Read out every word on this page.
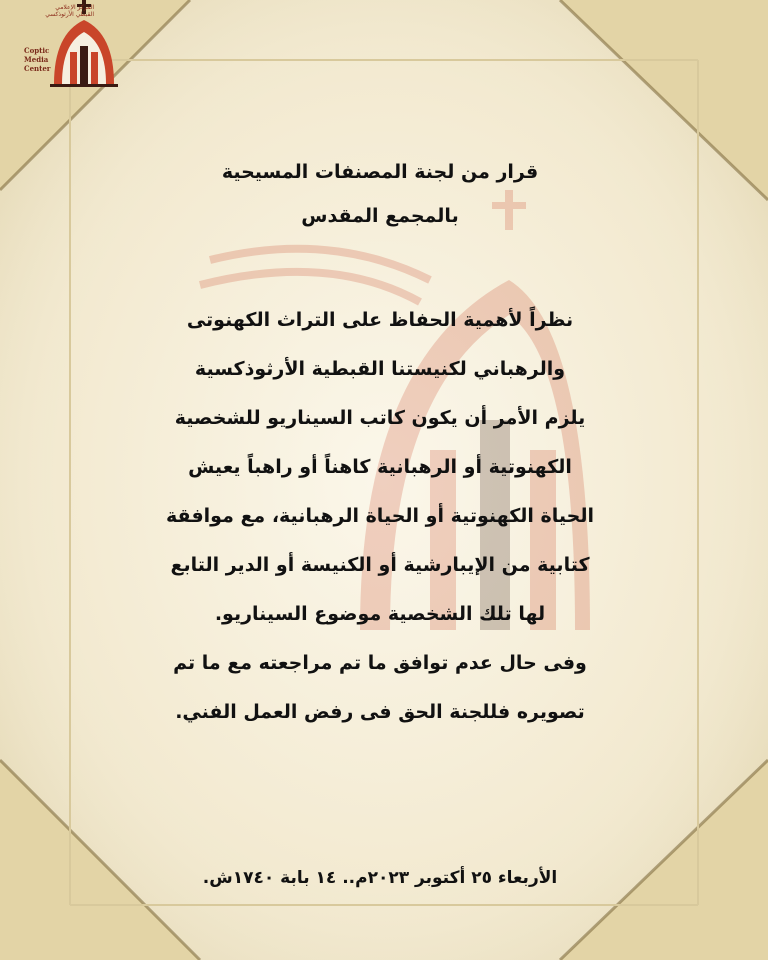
المركز الإعلامي
القبطي الأرثوذكسي
Coptic
Media
Center
قرار من لجنة المصنفات المسيحية
بالمجمع المقدس
نظراً لأهمية الحفاظ على التراث الكهنوتى
والرهباني لكنيستنا القبطية الأرثوذكسية
يلزم الأمر أن يكون كاتب السيناريو للشخصية
الكهنوتية أو الرهبانية كاهناً أو راهباً يعيش
الحياة الكهنوتية أو الحياة الرهبانية، مع موافقة
كتابية من الإيبارشية أو الكنيسة أو الدير التابع
لها تلك الشخصية موضوع السيناريو.
وفى حال عدم توافق ما تم مراجعته مع ما تم
تصويره فللجنة الحق فى رفض العمل الفني.
الأربعاء ٢٥ أكتوبر ٢٠٢٣م.. ١٤ بابة ١٧٤٠ش.
